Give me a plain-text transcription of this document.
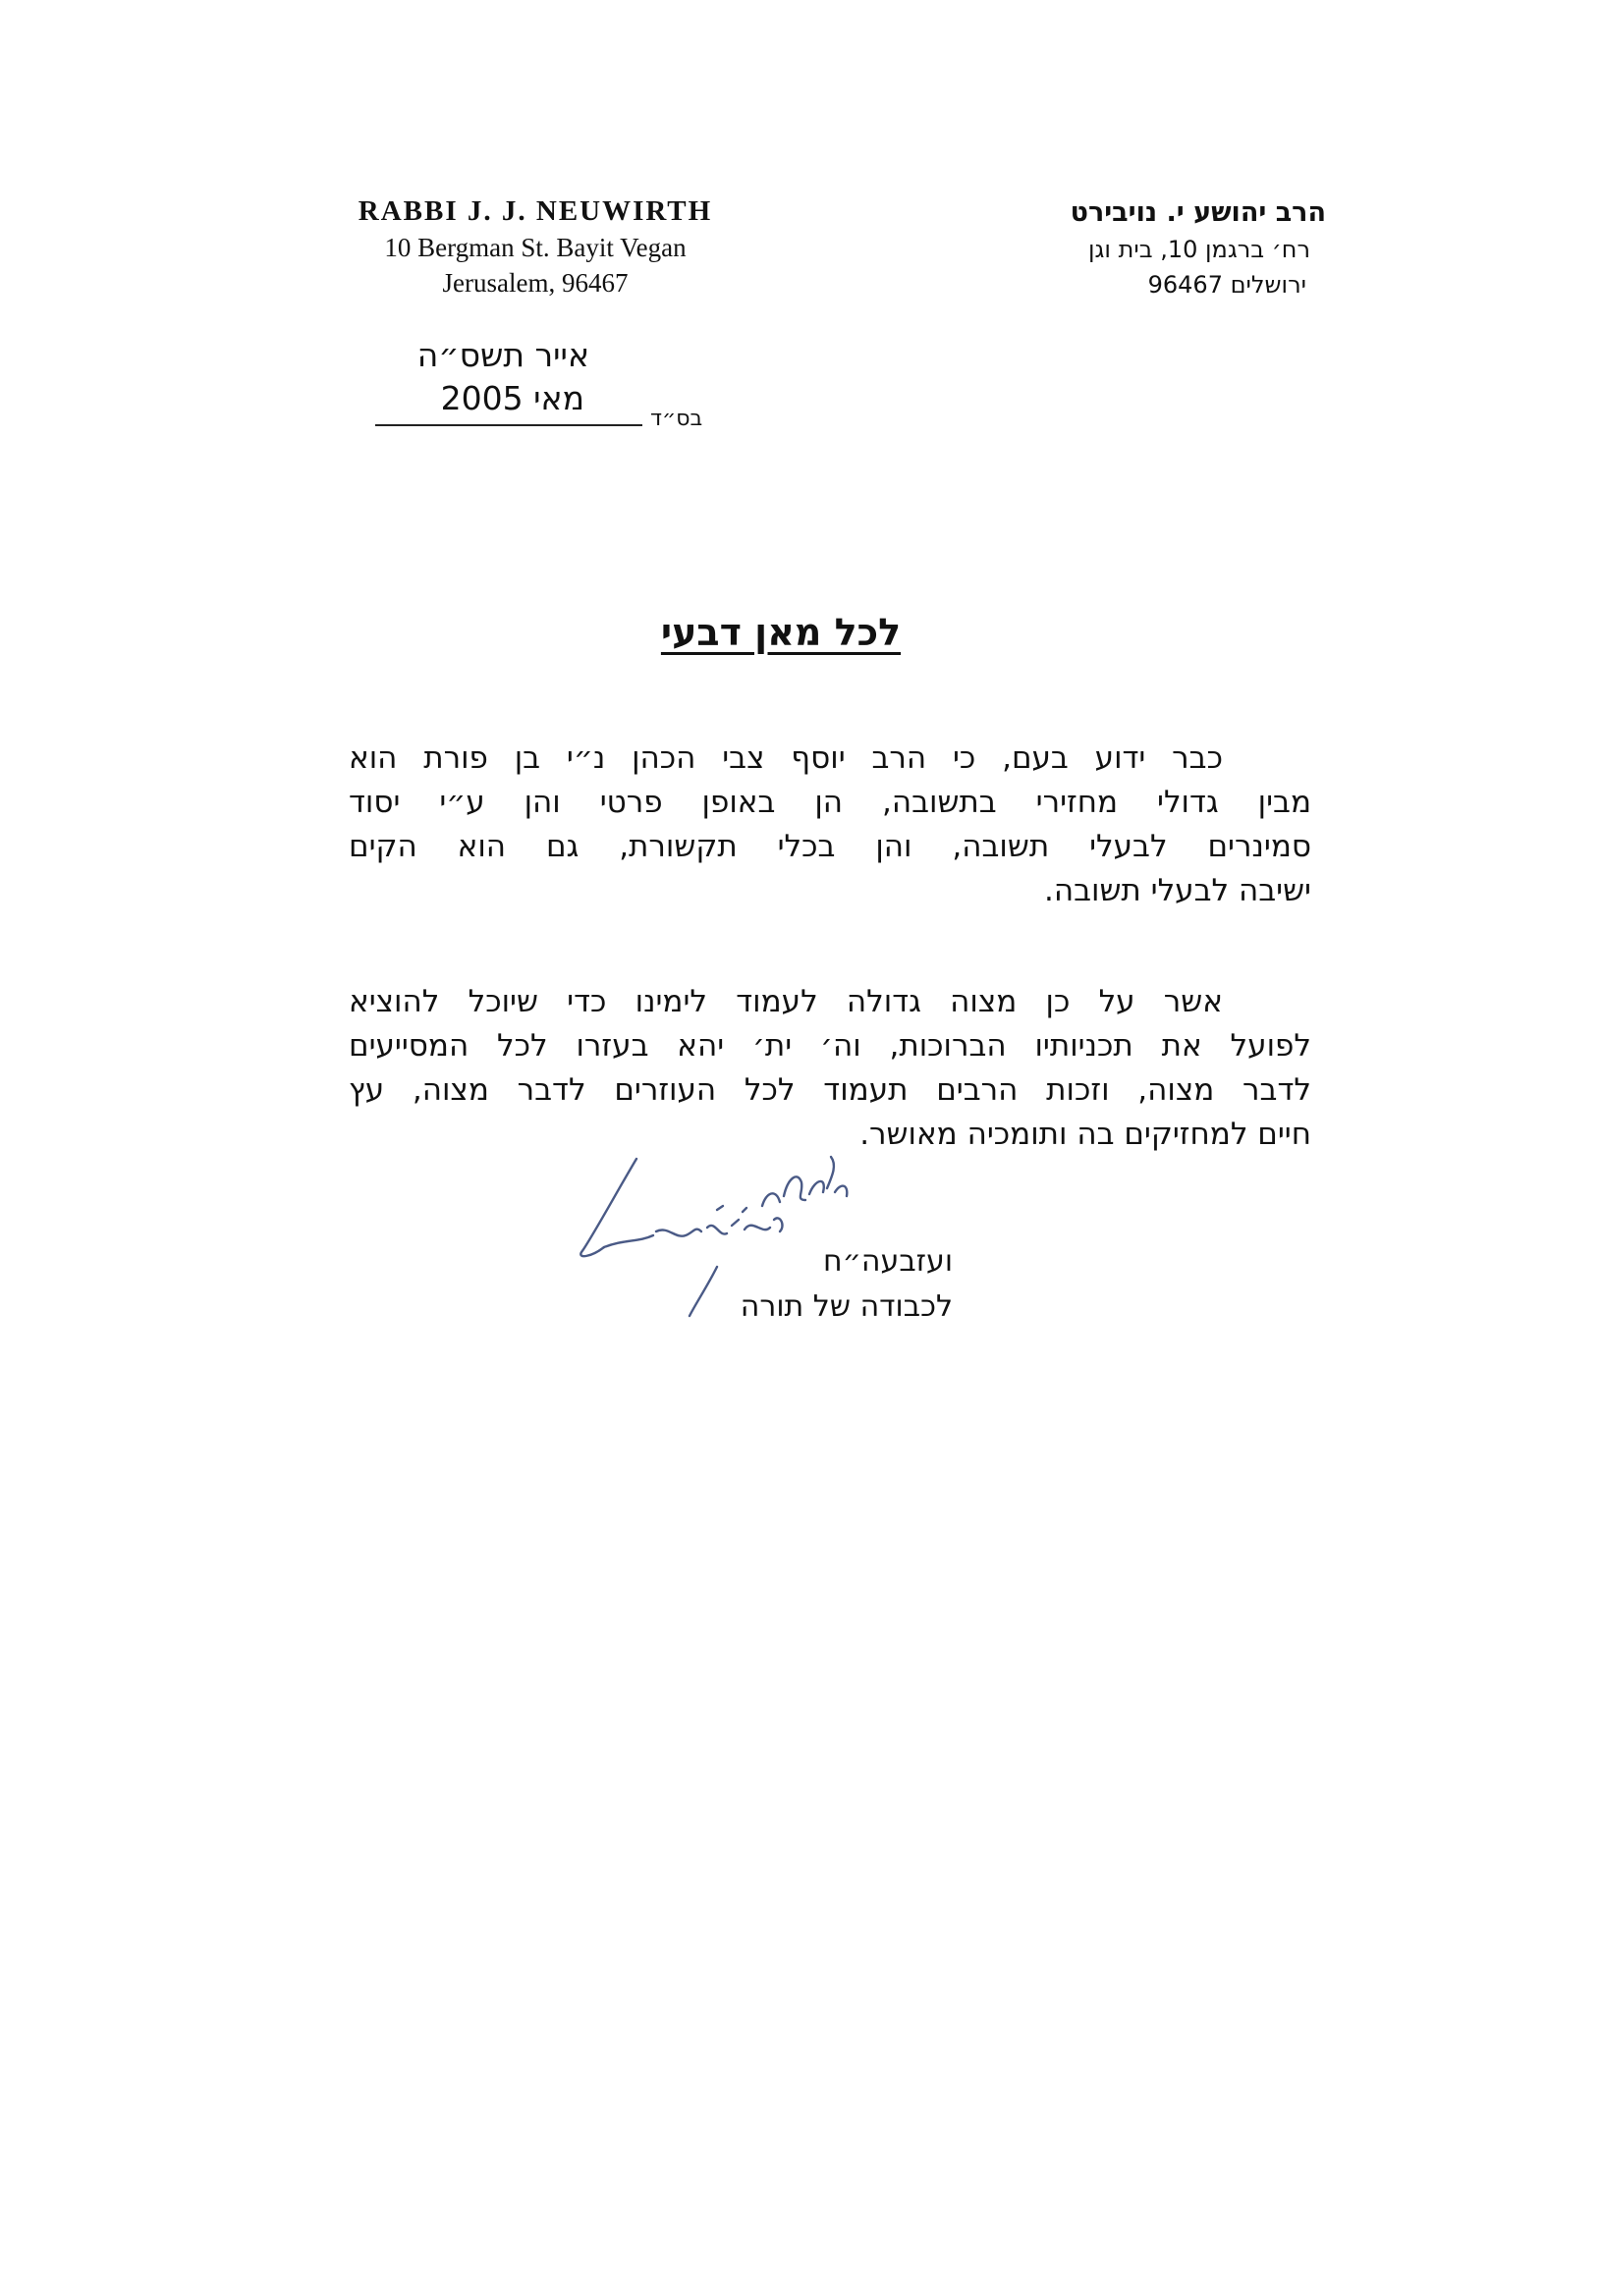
RABBI J. J. NEUWIRTH
10 Bergman St. Bayit Vegan
Jerusalem, 96467
הרב יהושע י. נויבירט
רח׳ ברגמן 10, בית וגן
ירושלים 96467
אייר תשס״ה
מאי 2005
בס״ד
לכל מאן דבעי
כבר ידוע בעם, כי הרב יוסף צבי הכהן נ״י בן פורת הוא
מבין גדולי מחזירי בתשובה, הן באופן פרטי והן ע״י יסוד
סמינרים לבעלי תשובה, והן בכלי תקשורת, גם הוא הקים
ישיבה לבעלי תשובה.
אשר על כן מצוה גדולה לעמוד לימינו כדי שיוכל להוציא
לפועל את תכניותיו הברוכות, וה׳ ית׳ יהא בעזרו לכל המסייעים
לדבר מצוה, וזכות הרבים תעמוד לכל העוזרים לדבר מצוה, עץ
חיים למחזיקים בה ותומכיה מאושר.
ועזבעה״ח
לכבודה של תורה
